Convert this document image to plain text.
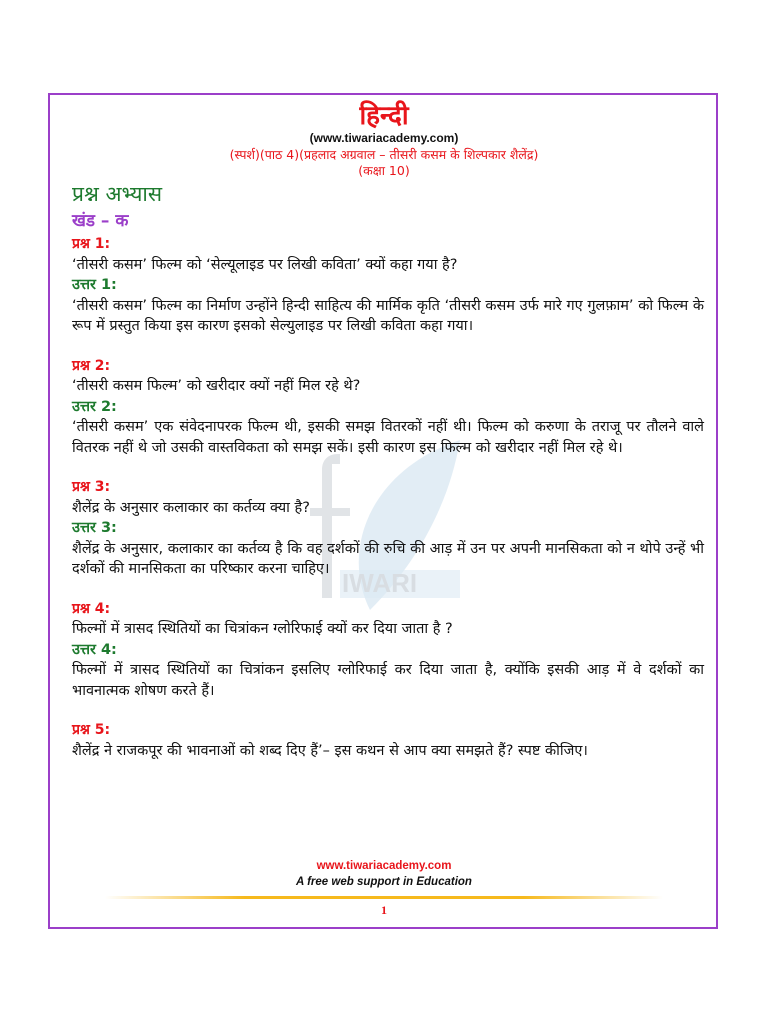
IWARI
हिन्दी
(www.tiwariacademy.com)
(स्पर्श)(पाठ 4)(प्रहलाद अग्रवाल – तीसरी कसम के शिल्पकार शैलेंद्र)
(कक्षा 10)
प्रश्न अभ्यास
खंड – क
प्रश्न 1:
‘तीसरी कसम’ फिल्म को ‘सेल्यूलाइड पर लिखी कविता’ क्यों कहा गया है?
उत्तर 1:
‘तीसरी कसम’ फिल्म का निर्माण उन्होंने हिन्दी साहित्य की मार्मिक कृति ‘तीसरी कसम उर्फ मारे गए गुलफ़ाम’ को फिल्म के रूप में प्रस्तुत किया इस कारण इसको सेल्युलाइड पर लिखी कविता कहा गया।
प्रश्न 2:
‘तीसरी कसम फिल्म’ को खरीदार क्यों नहीं मिल रहे थे?
उत्तर 2:
‘तीसरी कसम’ एक संवेदनापरक फिल्म थी, इसकी समझ वितरकों नहीं थी। फिल्म को करुणा के तराजू पर तौलने वाले वितरक नहीं थे जो उसकी वास्तविकता को समझ सकें। इसी कारण इस फिल्म को खरीदार नहीं मिल रहे थे।
प्रश्न 3:
शैलेंद्र के अनुसार कलाकार का कर्तव्य क्या है?
उत्तर 3:
शैलेंद्र के अनुसार, कलाकार का कर्तव्य है कि वह दर्शकों की रुचि की आड़ में उन पर अपनी मानसिकता को न थोपे उन्हें भी दर्शकों की मानसिकता का परिष्कार करना चाहिए।
प्रश्न 4:
फिल्मों में त्रासद स्थितियों का चित्रांकन ग्लोरिफाई क्यों कर दिया जाता है ?
उत्तर 4:
फिल्मों में त्रासद स्थितियों का चित्रांकन इसलिए ग्लोरिफाई कर दिया जाता है, क्योंकि इसकी आड़ में वे दर्शकों का भावनात्मक शोषण करते हैं।
प्रश्न 5:
शैलेंद्र ने राजकपूर की भावनाओं को शब्द दिए हैं’– इस कथन से आप क्या समझते हैं? स्पष्ट कीजिए।
www.tiwariacademy.com
A free web support in Education
1
